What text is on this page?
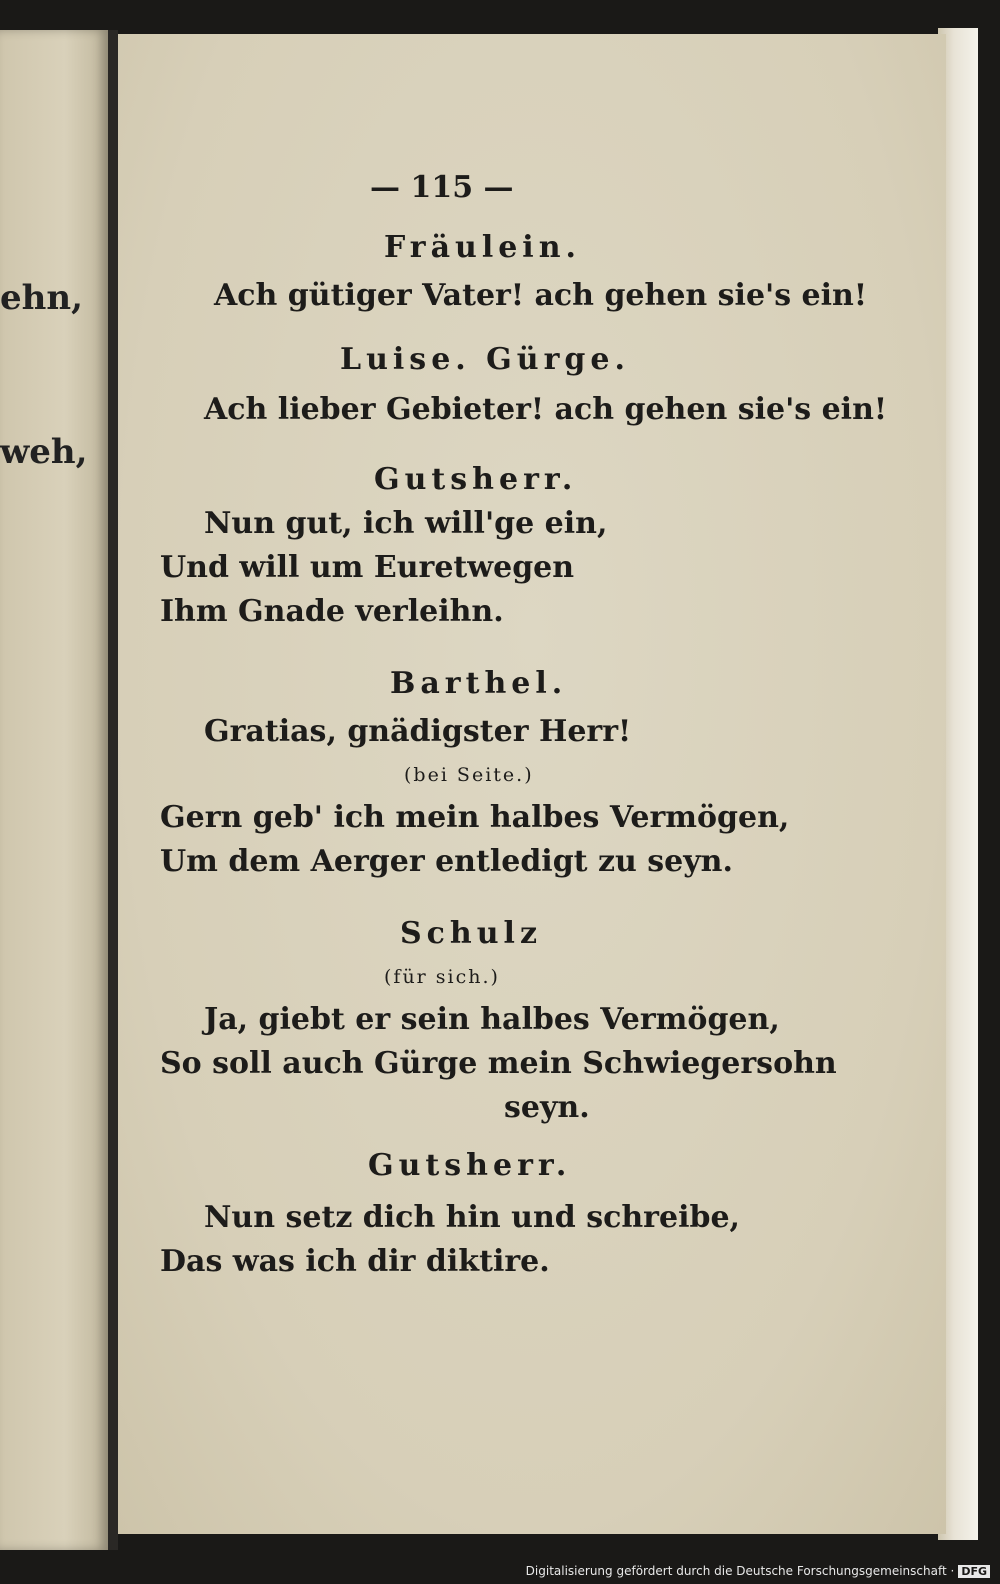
ehn,
weh,
— 115 —
Fräulein.
Ach gütiger Vater! ach gehen sie's ein!
Luise. Gürge.
Ach lieber Gebieter! ach gehen sie's ein!
Gutsherr.
Nun gut, ich will'ge ein,
Und will um Euretwegen
Ihm Gnade verleihn.
Barthel.
Gratias, gnädigster Herr!
(bei Seite.)
Gern geb' ich mein halbes Vermögen,
Um dem Aerger entledigt zu seyn.
Schulz
(für sich.)
Ja, giebt er sein halbes Vermögen,
So soll auch Gürge mein Schwiegersohn
seyn.
Gutsherr.
Nun setz dich hin und schreibe,
Das was ich dir diktire.
Digitalisierung gefördert durch die Deutsche Forschungsgemeinschaft · DFG
